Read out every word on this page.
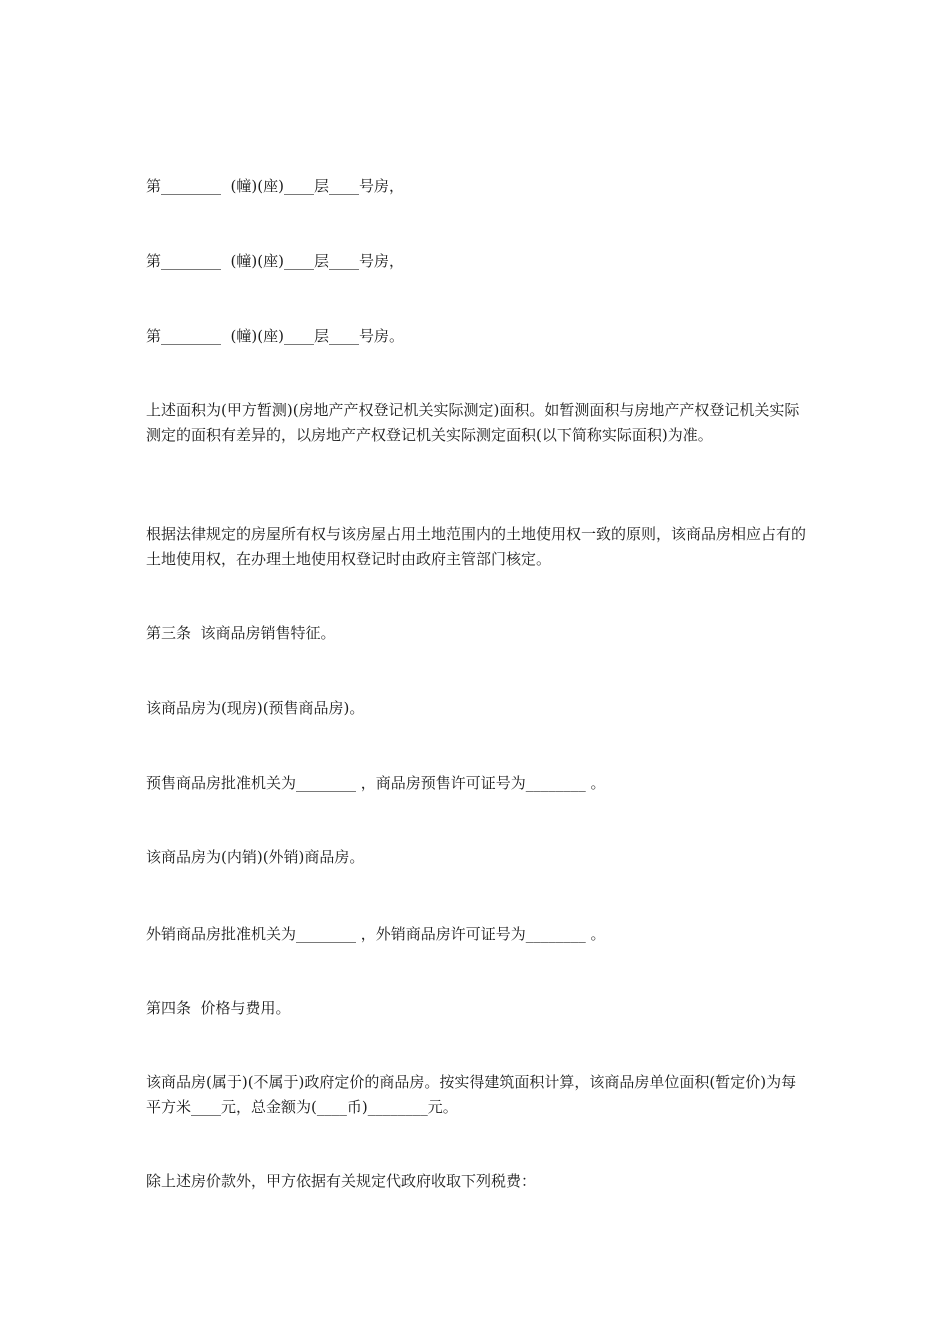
第________  (幢)(座)____层____号房，

第________  (幢)(座)____层____号房，

第________  (幢)(座)____层____号房。

上述面积为(甲方暂测)(房地产产权登记机关实际测定)面积。如暂测面积与房地产产权登记机关实际测定的面积有差异的，以房地产产权登记机关实际测定面积(以下简称实际面积)为准。

根据法律规定的房屋所有权与该房屋占用土地范围内的土地使用权一致的原则，该商品房相应占有的土地使用权，在办理土地使用权登记时由政府主管部门核定。

第三条  该商品房销售特征。

该商品房为(现房)(预售商品房)。

预售商品房批准机关为________ ，商品房预售许可证号为________ 。

该商品房为(内销)(外销)商品房。

外销商品房批准机关为________ ，外销商品房许可证号为________ 。

第四条  价格与费用。

该商品房(属于)(不属于)政府定价的商品房。按实得建筑面积计算，该商品房单位面积(暂定价)为每平方米____元，总金额为(____币)________元。

除上述房价款外，甲方依据有关规定代政府收取下列税费：
